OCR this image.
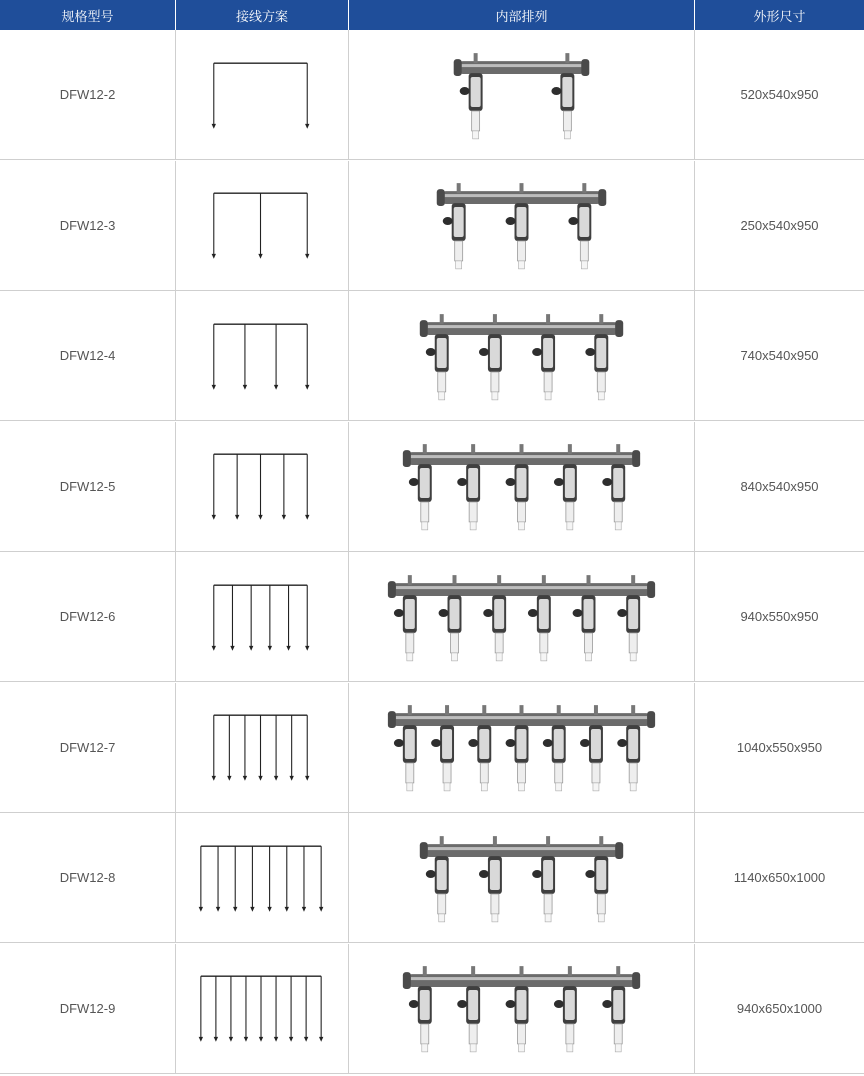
规格型号	接线方案	内部排列	外形尺寸
DFW12-2	520x540x950
DFW12-3	250x540x950
DFW12-4	740x540x950
DFW12-5	840x540x950
DFW12-6	940x550x950
DFW12-7	1040x550x950
DFW12-8	1140x650x1000
DFW12-9	940x650x1000
